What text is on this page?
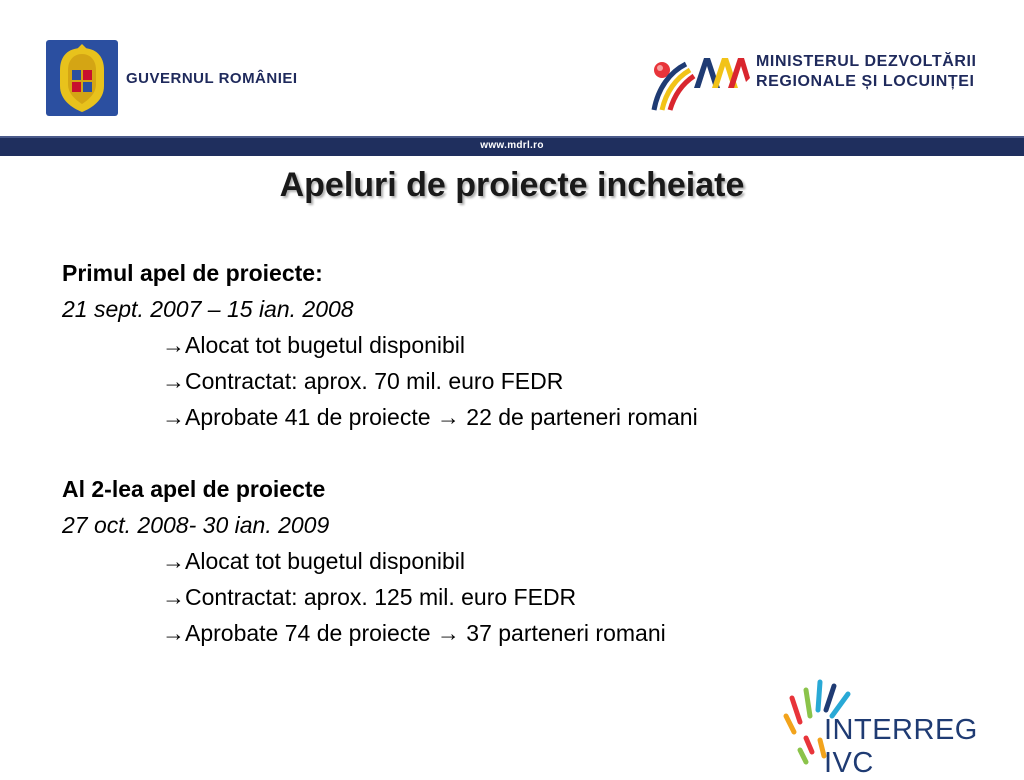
GUVERNUL ROMÂNIEI
MINISTERUL DEZVOLTĂRII
REGIONALE ȘI LOCUINȚEI
www.mdrl.ro
Apeluri de proiecte incheiate
Primul apel de proiecte:
21 sept. 2007 – 15 ian. 2008
→Alocat tot bugetul disponibil
→Contractat: aprox. 70 mil. euro FEDR
→Aprobate 41 de proiecte → 22 de parteneri romani
Al 2-lea apel de proiecte
27 oct. 2008- 30 ian. 2009
→Alocat tot bugetul disponibil
→Contractat: aprox. 125 mil. euro FEDR
→Aprobate 74 de proiecte → 37 parteneri romani
INTERREG IVC
